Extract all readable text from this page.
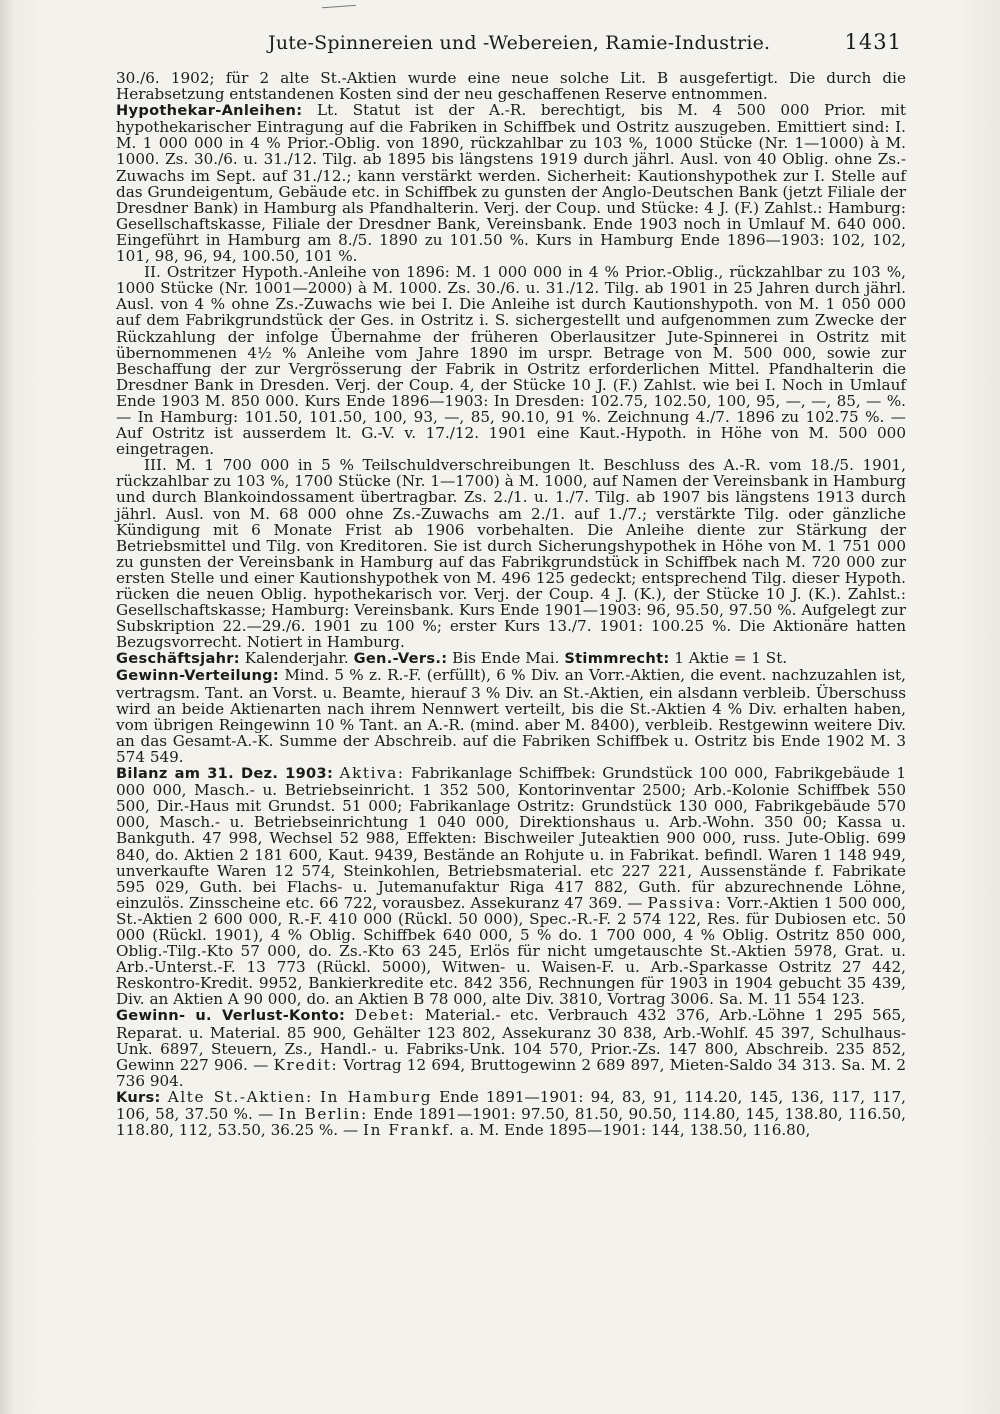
Jute-Spinnereien und -Webereien, Ramie-Industrie.	1431

30./6. 1902; für 2 alte St.-Aktien wurde eine neue solche Lit. B ausgefertigt. Die durch die Herabsetzung entstandenen Kosten sind der neu geschaffenen Reserve entnommen.

Hypothekar-Anleihen: Lt. Statut ist der A.-R. berechtigt, bis M. 4 500 000 Prior. mit hypothekarischer Eintragung auf die Fabriken in Schiffbek und Ostritz auszugeben. Emittiert sind: I. M. 1 000 000 in 4 % Prior.-Oblig. von 1890, rückzahlbar zu 103 %, 1000 Stücke (Nr. 1—1000) à M. 1000. Zs. 30./6. u. 31./12. Tilg. ab 1895 bis längstens 1919 durch jährl. Ausl. von 40 Oblig. ohne Zs.-Zuwachs im Sept. auf 31./12.; kann verstärkt werden. Sicherheit: Kautionshypothek zur I. Stelle auf das Grundeigentum, Gebäude etc. in Schiffbek zu gunsten der Anglo-Deutschen Bank (jetzt Filiale der Dresdner Bank) in Hamburg als Pfandhalterin. Verj. der Coup. und Stücke: 4 J. (F.) Zahlst.: Hamburg: Gesellschaftskasse, Filiale der Dresdner Bank, Vereinsbank. Ende 1903 noch in Umlauf M. 640 000. Eingeführt in Hamburg am 8./5. 1890 zu 101.50 %. Kurs in Hamburg Ende 1896—1903: 102, 102, 101, 98, 96, 94, 100.50, 101 %.

II. Ostritzer Hypoth.-Anleihe von 1896: M. 1 000 000 in 4 % Prior.-Oblig., rückzahlbar zu 103 %, 1000 Stücke (Nr. 1001—2000) à M. 1000. Zs. 30./6. u. 31./12. Tilg. ab 1901 in 25 Jahren durch jährl. Ausl. von 4 % ohne Zs.-Zuwachs wie bei I. Die Anleihe ist durch Kautionshypoth. von M. 1 050 000 auf dem Fabrikgrundstück der Ges. in Ostritz i. S. sichergestellt und aufgenommen zum Zwecke der Rückzahlung der infolge Übernahme der früheren Oberlausitzer Jute-Spinnerei in Ostritz mit übernommenen 4½ % Anleihe vom Jahre 1890 im urspr. Betrage von M. 500 000, sowie zur Beschaffung der zur Vergrösserung der Fabrik in Ostritz erforderlichen Mittel. Pfandhalterin die Dresdner Bank in Dresden. Verj. der Coup. 4, der Stücke 10 J. (F.) Zahlst. wie bei I. Noch in Umlauf Ende 1903 M. 850 000. Kurs Ende 1896—1903: In Dresden: 102.75, 102.50, 100, 95, —, —, 85, — %. — In Hamburg: 101.50, 101.50, 100, 93, —, 85, 90.10, 91 %. Zeichnung 4./7. 1896 zu 102.75 %. — Auf Ostritz ist ausserdem lt. G.-V. v. 17./12. 1901 eine Kaut.-Hypoth. in Höhe von M. 500 000 eingetragen.

III. M. 1 700 000 in 5 % Teilschuldverschreibungen lt. Beschluss des A.-R. vom 18./5. 1901, rückzahlbar zu 103 %, 1700 Stücke (Nr. 1—1700) à M. 1000, auf Namen der Vereinsbank in Hamburg und durch Blankoindossament übertragbar. Zs. 2./1. u. 1./7. Tilg. ab 1907 bis längstens 1913 durch jährl. Ausl. von M. 68 000 ohne Zs.-Zuwachs am 2./1. auf 1./7.; verstärkte Tilg. oder gänzliche Kündigung mit 6 Monate Frist ab 1906 vorbehalten. Die Anleihe diente zur Stärkung der Betriebsmittel und Tilg. von Kreditoren. Sie ist durch Sicherungshypothek in Höhe von M. 1 751 000 zu gunsten der Vereinsbank in Hamburg auf das Fabrikgrundstück in Schiffbek nach M. 720 000 zur ersten Stelle und einer Kautionshypothek von M. 496 125 gedeckt; entsprechend Tilg. dieser Hypoth. rücken die neuen Oblig. hypothekarisch vor. Verj. der Coup. 4 J. (K.), der Stücke 10 J. (K.). Zahlst.: Gesellschaftskasse; Hamburg: Vereinsbank. Kurs Ende 1901—1903: 96, 95.50, 97.50 %. Aufgelegt zur Subskription 22.—29./6. 1901 zu 100 %; erster Kurs 13./7. 1901: 100.25 %. Die Aktionäre hatten Bezugsvorrecht. Notiert in Hamburg.

Geschäftsjahr: Kalenderjahr. Gen.-Vers.: Bis Ende Mai. Stimmrecht: 1 Aktie = 1 St.

Gewinn-Verteilung: Mind. 5 % z. R.-F. (erfüllt), 6 % Div. an Vorr.-Aktien, die event. nachzuzahlen ist, vertragsm. Tant. an Vorst. u. Beamte, hierauf 3 % Div. an St.-Aktien, ein alsdann verbleib. Überschuss wird an beide Aktienarten nach ihrem Nennwert verteilt, bis die St.-Aktien 4 % Div. erhalten haben, vom übrigen Reingewinn 10 % Tant. an A.-R. (mind. aber M. 8400), verbleib. Restgewinn weitere Div. an das Gesamt-A.-K. Summe der Abschreib. auf die Fabriken Schiffbek u. Ostritz bis Ende 1902 M. 3 574 549.

Bilanz am 31. Dez. 1903: Aktiva: Fabrikanlage Schiffbek: Grundstück 100 000, Fabrikgebäude 1 000 000, Masch.- u. Betriebseinricht. 1 352 500, Kontorinventar 2500; Arb.-Kolonie Schiffbek 550 500, Dir.-Haus mit Grundst. 51 000; Fabrikanlage Ostritz: Grundstück 130 000, Fabrikgebäude 570 000, Masch.- u. Betriebseinrichtung 1 040 000, Direktionshaus u. Arb.-Wohn. 350 00; Kassa u. Bankguth. 47 998, Wechsel 52 988, Effekten: Bischweiler Juteaktien 900 000, russ. Jute-Oblig. 699 840, do. Aktien 2 181 600, Kaut. 9439, Bestände an Rohjute u. in Fabrikat. befindl. Waren 1 148 949, unverkaufte Waren 12 574, Steinkohlen, Betriebsmaterial. etc 227 221, Aussenstände f. Fabrikate 595 029, Guth. bei Flachs- u. Jutemanufaktur Riga 417 882, Guth. für abzurechnende Löhne, einzulös. Zinsscheine etc. 66 722, vorausbez. Assekuranz 47 369. — Passiva: Vorr.-Aktien 1 500 000, St.-Aktien 2 600 000, R.-F. 410 000 (Rückl. 50 000), Spec.-R.-F. 2 574 122, Res. für Dubiosen etc. 50 000 (Rückl. 1901), 4 % Oblig. Schiffbek 640 000, 5 % do. 1 700 000, 4 % Oblig. Ostritz 850 000, Oblig.-Tilg.-Kto 57 000, do. Zs.-Kto 63 245, Erlös für nicht umgetauschte St.-Aktien 5978, Grat. u. Arb.-Unterst.-F. 13 773 (Rückl. 5000), Witwen- u. Waisen-F. u. Arb.-Sparkasse Ostritz 27 442, Reskontro-Kredit. 9952, Bankierkredite etc. 842 356, Rechnungen für 1903 in 1904 gebucht 35 439, Div. an Aktien A 90 000, do. an Aktien B 78 000, alte Div. 3810, Vortrag 3006. Sa. M. 11 554 123.

Gewinn- u. Verlust-Konto: Debet: Material.- etc. Verbrauch 432 376, Arb.-Löhne 1 295 565, Reparat. u. Material. 85 900, Gehälter 123 802, Assekuranz 30 838, Arb.-Wohlf. 45 397, Schulhaus-Unk. 6897, Steuern, Zs., Handl.- u. Fabriks-Unk. 104 570, Prior.-Zs. 147 800, Abschreib. 235 852, Gewinn 227 906. — Kredit: Vortrag 12 694, Bruttogewinn 2 689 897, Mieten-Saldo 34 313. Sa. M. 2 736 904.

Kurs: Alte St.-Aktien: In Hamburg Ende 1891—1901: 94, 83, 91, 114.20, 145, 136, 117, 117, 106, 58, 37.50 %. — In Berlin: Ende 1891—1901: 97.50, 81.50, 90.50, 114.80, 145, 138.80, 116.50, 118.80, 112, 53.50, 36.25 %. — In Frankf. a. M. Ende 1895—1901: 144, 138.50, 116.80,
